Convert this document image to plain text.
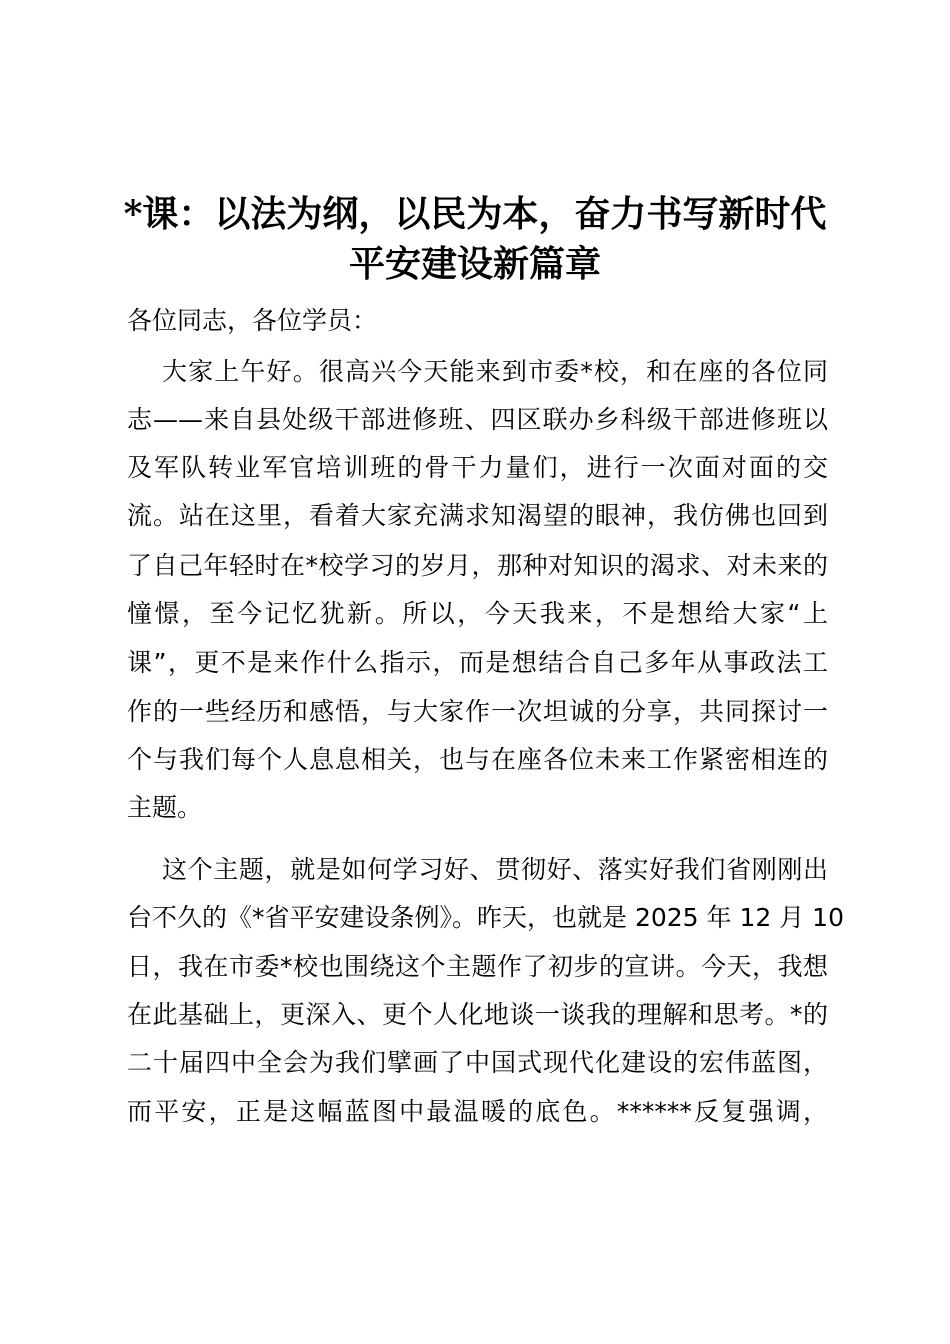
*课：以法为纲，以民为本，奋力书写新时代
平安建设新篇章
各位同志，各位学员：
大家上午好。很高兴今天能来到市委*校，和在座的各位同
志——来自县处级干部进修班、四区联办乡科级干部进修班以
及军队转业军官培训班的骨干力量们，进行一次面对面的交
流。站在这里，看着大家充满求知渴望的眼神，我仿佛也回到
了自己年轻时在*校学习的岁月，那种对知识的渴求、对未来的
憧憬，至今记忆犹新。所以，今天我来，不是想给大家“上
课”，更不是来作什么指示，而是想结合自己多年从事政法工
作的一些经历和感悟，与大家作一次坦诚的分享，共同探讨一
个与我们每个人息息相关，也与在座各位未来工作紧密相连的
主题。
这个主题，就是如何学习好、贯彻好、落实好我们省刚刚出
台不久的《*省平安建设条例》。昨天，也就是 2025 年 12 月 10
日，我在市委*校也围绕这个主题作了初步的宣讲。今天，我想
在此基础上，更深入、更个人化地谈一谈我的理解和思考。*的
二十届四中全会为我们擘画了中国式现代化建设的宏伟蓝图，
而平安，正是这幅蓝图中最温暖的底色。******反复强调，
